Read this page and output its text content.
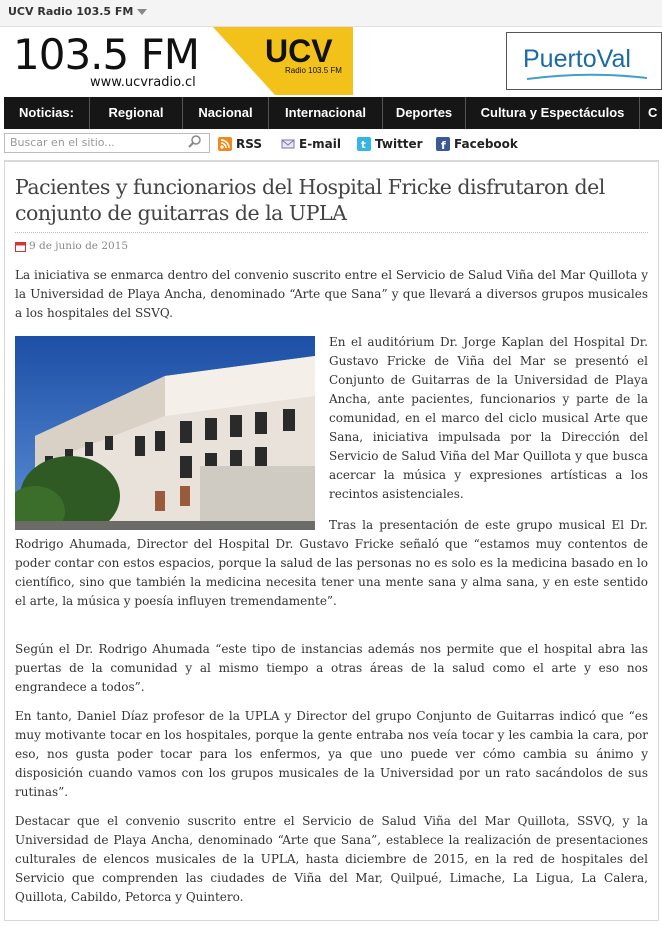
UCV Radio 103.5 FM
103.5 FM
www.ucvradio.cl
UCV
Radio 103.5 FM	PuertoVal
Noticias:	Regional	Nacional	Internacional	Deportes	Cultura y Espectáculos	C
Buscar en el sitio...	RSS	E-mail t Twitter f Facebook
Pacientes y funcionarios del Hospital Fricke disfrutaron del conjunto de guitarras de la UPLA
9 de junio de 2015

La iniciativa se enmarca dentro del convenio suscrito entre el Servicio de Salud Viña del Mar Quillota y la Universidad de Playa Ancha, denominado “Arte que Sana” y que llevará a diversos grupos musicales a los hospitales del SSVQ.

En el auditórium Dr. Jorge Kaplan del Hospital Dr. Gustavo Fricke de Viña del Mar se presentó el Conjunto de Guitarras de la Universidad de Playa Ancha, ante pacientes, funcionarios y parte de la comunidad, en el marco del ciclo musical Arte que Sana, iniciativa impulsada por la Dirección del Servicio de Salud Viña del Mar Quillota y que busca acercar la música y expresiones artísticas a los recintos asistenciales.

Tras la presentación de este grupo musical El Dr. Rodrigo Ahumada, Director del Hospital Dr. Gustavo Fricke señaló que “estamos muy contentos de poder contar con estos espacios, porque la salud de las personas no es solo es la medicina basado en lo científico, sino que también la medicina necesita tener una mente sana y alma sana, y en este sentido el arte, la música y poesía influyen tremendamente”.

Según el Dr. Rodrigo Ahumada “este tipo de instancias además nos permite que el hospital abra las puertas de la comunidad y al mismo tiempo a otras áreas de la salud como el arte y eso nos engrandece a todos”.

En tanto, Daniel Díaz profesor de la UPLA y Director del grupo Conjunto de Guitarras indicó que “es muy motivante tocar en los hospitales, porque la gente entraba nos veía tocar y les cambia la cara, por eso, nos gusta poder tocar para los enfermos, ya que uno puede ver cómo cambia su ánimo y disposición cuando vamos con los grupos musicales de la Universidad por un rato sacándolos de sus rutinas”.

Destacar que el convenio suscrito entre el Servicio de Salud Viña del Mar Quillota, SSVQ, y la Universidad de Playa Ancha, denominado “Arte que Sana”, establece la realización de presentaciones culturales de elencos musicales de la UPLA, hasta diciembre de 2015, en la red de hospitales del Servicio que comprenden las ciudades de Viña del Mar, Quilpué, Limache, La Ligua, La Calera, Quillota, Cabildo, Petorca y Quintero.
